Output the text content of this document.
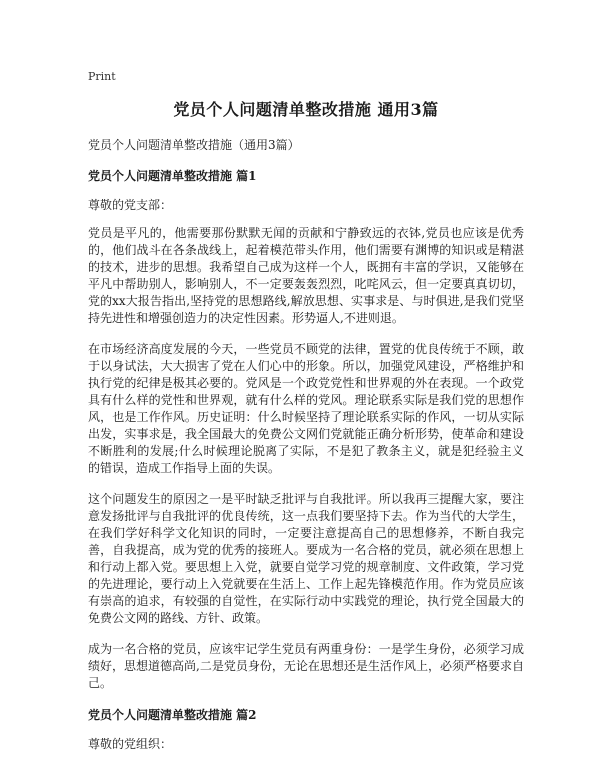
Print
党员个人问题清单整改措施 通用3篇
党员个人问题清单整改措施（通用3篇）
党员个人问题清单整改措施 篇1
尊敬的党支部：

党员是平凡的，他需要那份默默无闻的贡献和宁静致远的衣钵,党员也应该是优秀的，他们战斗在各条战线上，起着模范带头作用，他们需要有渊博的知识或是精湛的技术，进步的思想。我希望自己成为这样一个人，既拥有丰富的学识，又能够在平凡中帮助别人，影响别人，不一定要轰轰烈烈，叱咤风云，但一定要真真切切，党的xx大报告指出,坚持党的思想路线,解放思想、实事求是、与时俱进,是我们党坚持先进性和增强创造力的决定性因素。形势逼人,不进则退。

在市场经济高度发展的今天，一些党员不顾党的法律，置党的优良传统于不顾，敢于以身试法，大大损害了党在人们心中的形象。所以，加强党风建设，严格维护和执行党的纪律是极其必要的。党风是一个政党党性和世界观的外在表现。一个政党具有什么样的党性和世界观，就有什么样的党风。理论联系实际是我们党的思想作风，也是工作作风。历史证明：什么时候坚持了理论联系实际的作风，一切从实际出发，实事求是，我全国最大的免费公文网们党就能正确分析形势，使革命和建设不断胜利的发展;什么时候理论脱离了实际，不是犯了教条主义，就是犯经验主义的错误，造成工作指导上面的失误。

这个问题发生的原因之一是平时缺乏批评与自我批评。所以我再三提醒大家，要注意发扬批评与自我批评的优良传统，这一点我们要坚持下去。作为当代的大学生，在我们学好科学文化知识的同时，一定要注意提高自己的思想修养，不断自我完善，自我提高，成为党的优秀的接班人。要成为一名合格的党员，就必须在思想上和行动上都入党。要思想上入党，就要自觉学习党的规章制度、文件政策，学习党的先进理论，要行动上入党就要在生活上、工作上起先锋模范作用。作为党员应该有崇高的追求，有较强的自觉性，在实际行动中实践党的理论，执行党全国最大的免费公文网的路线、方针、政策。

成为一名合格的党员，应该牢记学生党员有两重身份：一是学生身份，必须学习成绩好，思想道德高尚,二是党员身份，无论在思想还是生活作风上，必须严格要求自己。

党员个人问题清单整改措施 篇2
尊敬的党组织：
